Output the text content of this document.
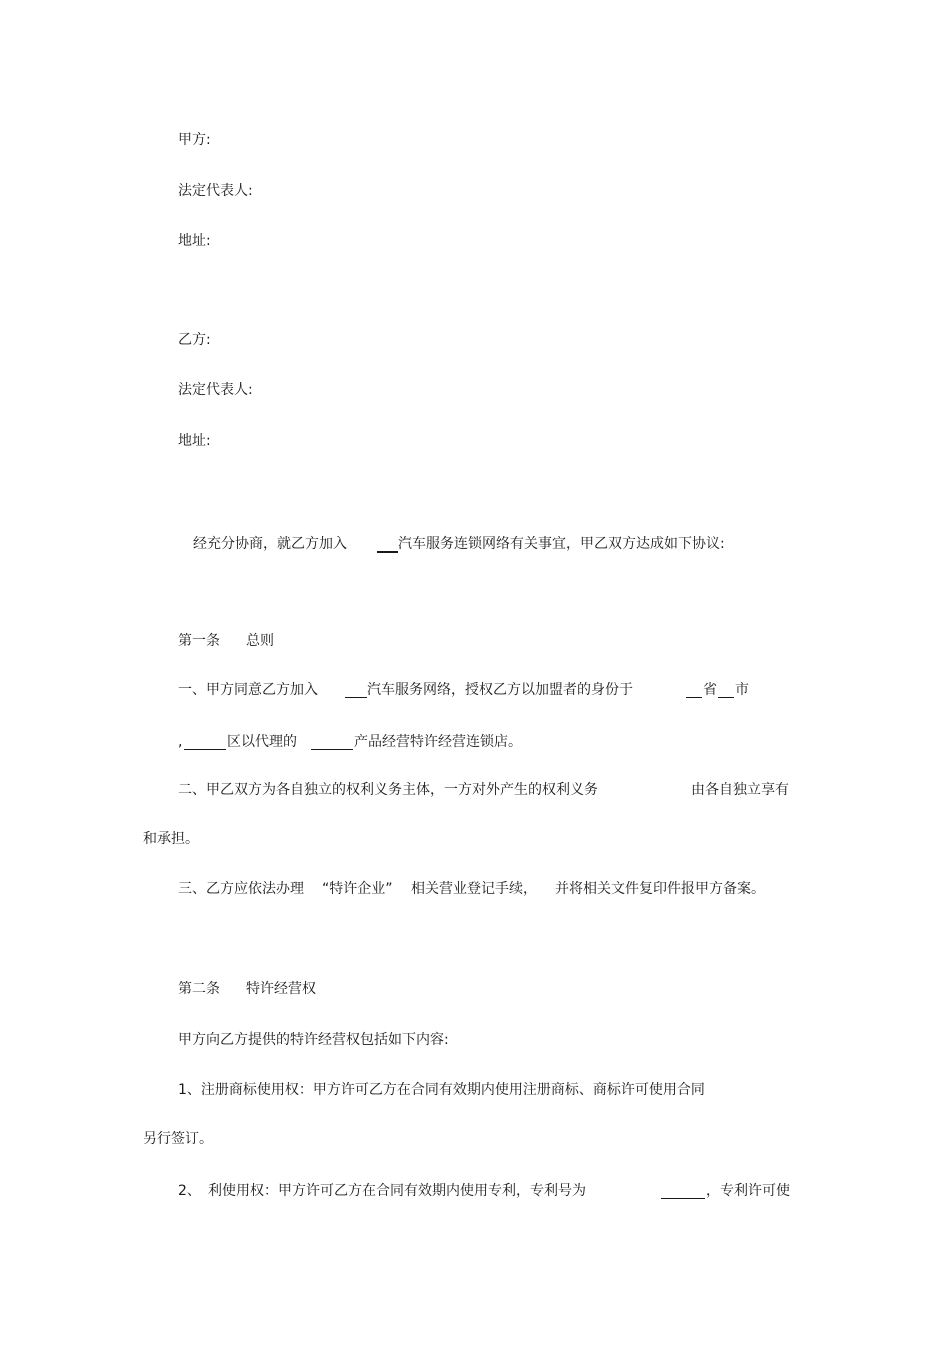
甲方:
法定代表人:
地址:
乙方:
法定代表人:
地址:
经充分协商，就乙方加入	汽车服务连锁网络有关事宜，甲乙双方达成如下协议:
第一条 总则
一、甲方同意乙方加入	汽车服务网络，授权乙方以加盟者的身份于	省 市
,	区以代理的	产品经营特许经营连锁店。
二、甲乙双方为各自独立的权利义务主体，一方对外产生的权利义务	由各自独立享有
和承担。
三、乙方应依法办理 “特许企业” 相关营业登记手续， 并将相关文件复印件报甲方备案。
第二条 特许经营权
甲方向乙方提供的特许经营权包括如下内容:
1、注册商标使用权：甲方许可乙方在合同有效期内使用注册商标、商标许可使用合同
另行签订。
2、 利使用权：甲方许可乙方在合同有效期内使用专利，专利号为	，专利许可使
